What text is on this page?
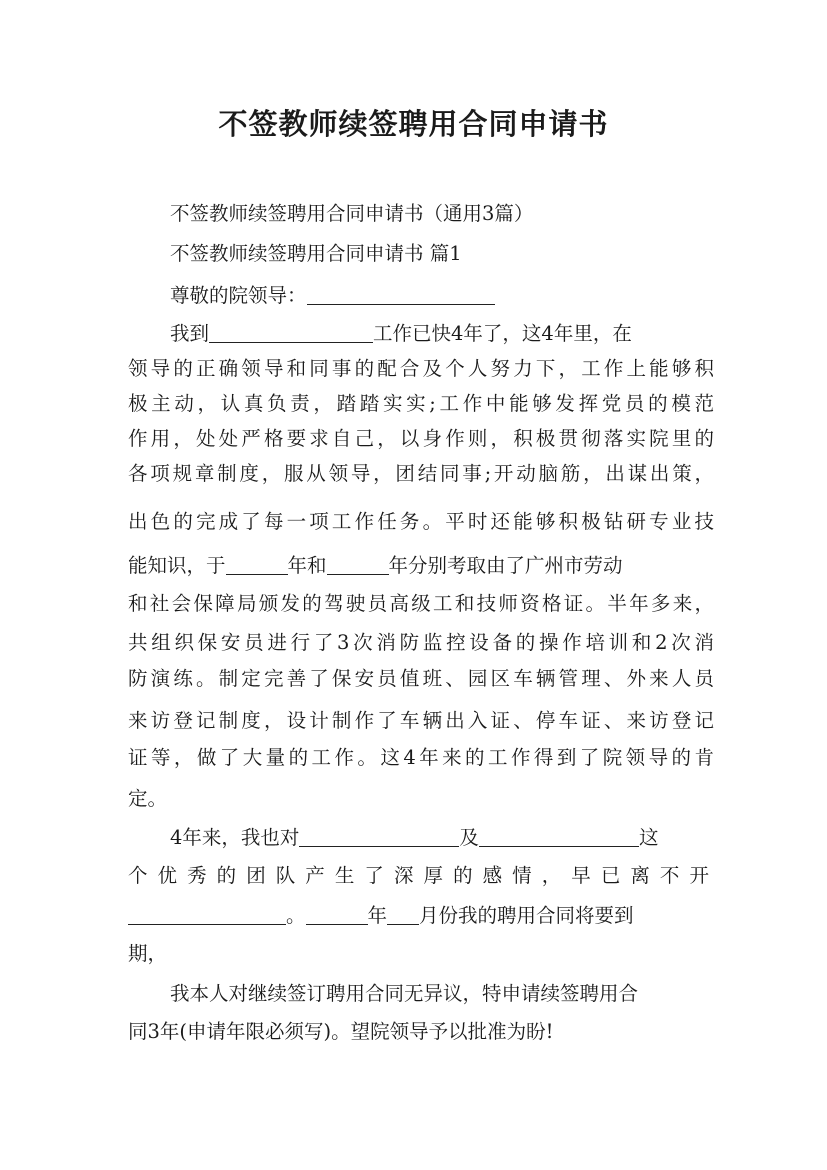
不签教师续签聘用合同申请书
不签教师续签聘用合同申请书（通用3篇）
不签教师续签聘用合同申请书 篇1
尊敬的院领导：
我到	工作已快4年了，这4年里，在
领导的正确领导和同事的配合及个人努力下，工作上能够积
极主动，认真负责，踏踏实实;工作中能够发挥党员的模范
作用，处处严格要求自己，以身作则，积极贯彻落实院里的
各项规章制度，服从领导，团结同事;开动脑筋，出谋出策，
出色的完成了每一项工作任务。平时还能够积极钻研专业技
能知识，于	年和	年分别考取由了广州市劳动
和社会保障局颁发的驾驶员高级工和技师资格证。半年多来，
共组织保安员进行了3次消防监控设备的操作培训和2次消
防演练。制定完善了保安员值班、园区车辆管理、外来人员
来访登记制度，设计制作了车辆出入证、停车证、来访登记
证等，做了大量的工作。这4年来的工作得到了院领导的肯
定。
4年来，我也对	及	这
个优秀的团队产生了深厚的感情，早已离不开
。	年 月份我的聘用合同将要到
期，
我本人对继续签订聘用合同无异议，特申请续签聘用合
同3年(申请年限必须写)。望院领导予以批准为盼!
